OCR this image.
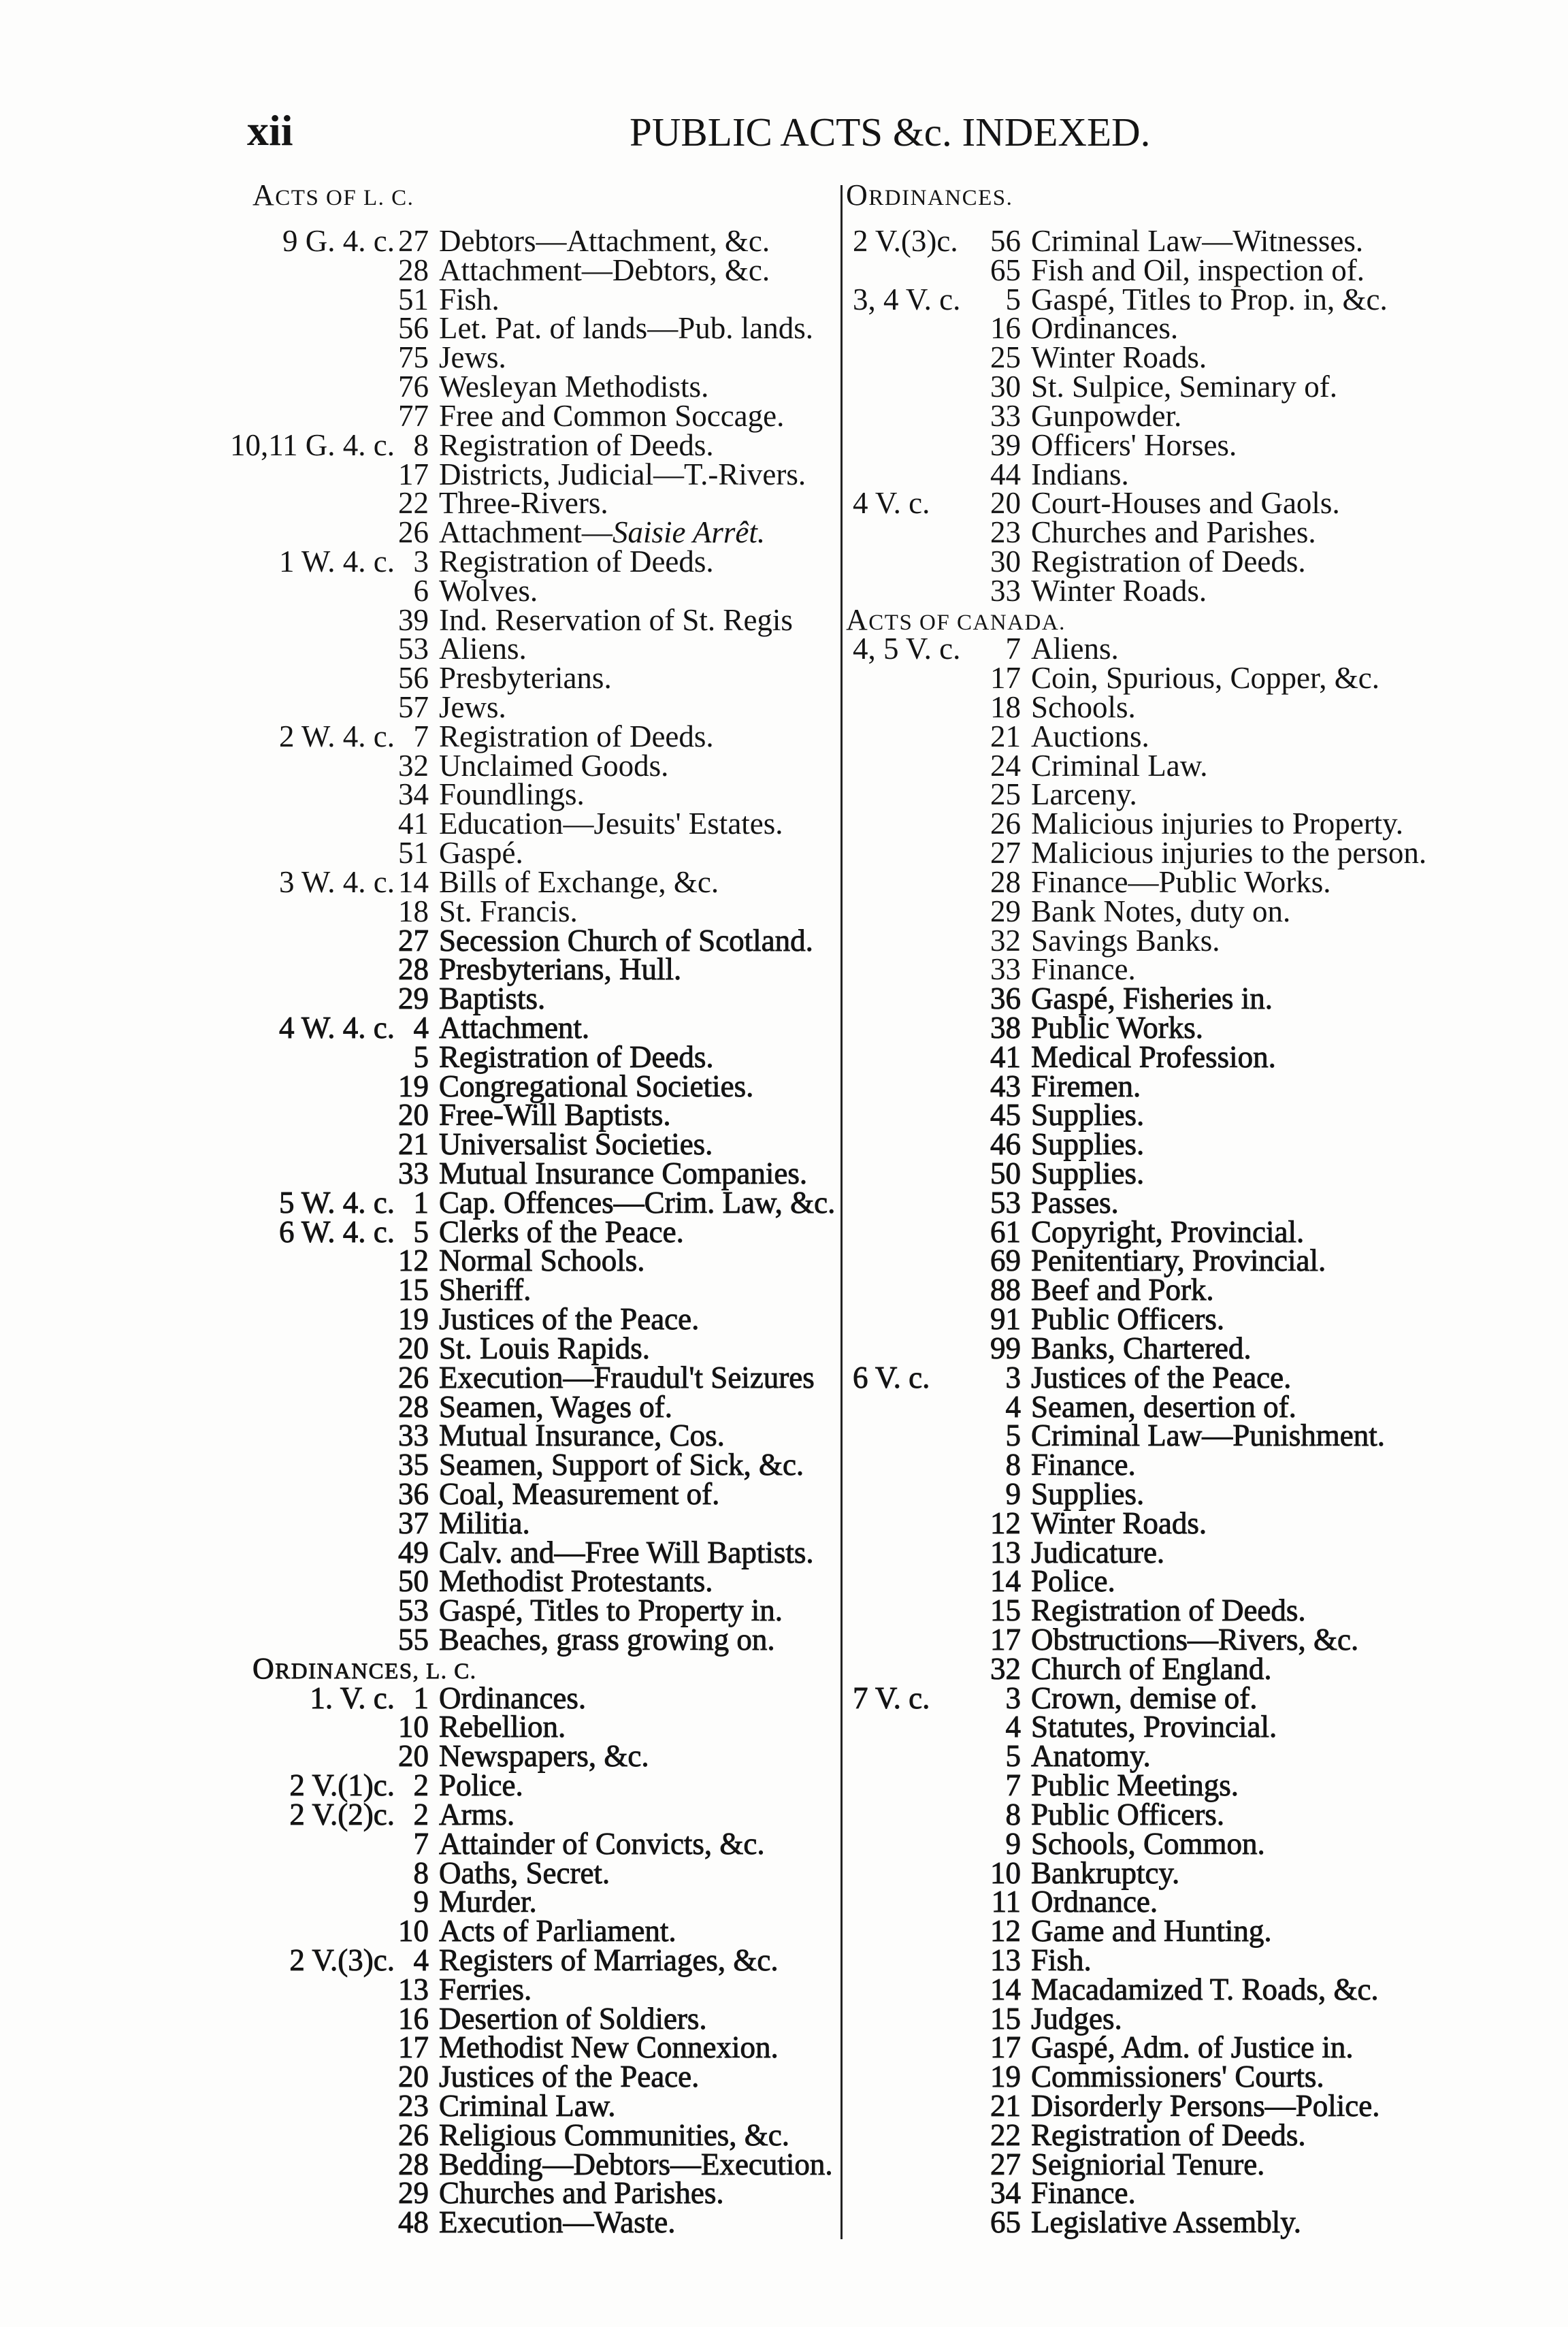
xii	PUBLIC ACTS &c. INDEXED.
ACTS OF L. C.
9 G. 4. c. 27 Debtors—Attachment, &c.
28 Attachment—Debtors, &c.
51 Fish.
56 Let. Pat. of lands—Pub. lands.
75 Jews.
76 Wesleyan Methodists.
77 Free and Common Soccage.
10,11 G. 4. c. 8 Registration of Deeds.
17 Districts, Judicial—T.-Rivers.
22 Three-Rivers.
26 Attachment—Saisie Arrêt.
1 W. 4. c. 3 Registration of Deeds.
6 Wolves.
39 Ind. Reservation of St. Regis
53 Aliens.
56 Presbyterians.
57 Jews.
2 W. 4. c. 7 Registration of Deeds.
32 Unclaimed Goods.
34 Foundlings.
41 Education—Jesuits' Estates.
51 Gaspé.
3 W. 4. c. 14 Bills of Exchange, &c.
18 St. Francis.
27 Secession Church of Scotland.
28 Presbyterians, Hull.
29 Baptists.
4 W. 4. c. 4 Attachment.
5 Registration of Deeds.
19 Congregational Societies.
20 Free-Will Baptists.
21 Universalist Societies.
33 Mutual Insurance Companies.
5 W. 4. c. 1 Cap. Offences—Crim. Law, &c.
6 W. 4. c. 5 Clerks of the Peace.
12 Normal Schools.
15 Sheriff.
19 Justices of the Peace.
20 St. Louis Rapids.
26 Execution—Fraudul't Seizures
28 Seamen, Wages of.
33 Mutual Insurance, Cos.
35 Seamen, Support of Sick, &c.
36 Coal, Measurement of.
37 Militia.
49 Calv. and—Free Will Baptists.
50 Methodist Protestants.
53 Gaspé, Titles to Property in.
55 Beaches, grass growing on.
ORDINANCES, L. C.
1. V. c. 1 Ordinances.
10 Rebellion.
20 Newspapers, &c.
2 V.(1)c. 2 Police.
2 V.(2)c. 2 Arms.
7 Attainder of Convicts, &c.
8 Oaths, Secret.
9 Murder.
10 Acts of Parliament.
2 V.(3)c. 4 Registers of Marriages, &c.
13 Ferries.
16 Desertion of Soldiers.
17 Methodist New Connexion.
20 Justices of the Peace.
23 Criminal Law.
26 Religious Communities, &c.
28 Bedding—Debtors—Execution.
29 Churches and Parishes.
48 Execution—Waste.
ORDINANCES.
2 V.(3)c.	56 Criminal Law—Witnesses.
65 Fish and Oil, inspection of.
3, 4 V. c.	5 Gaspé, Titles to Prop. in, &c.
16 Ordinances.
25 Winter Roads.
30 St. Sulpice, Seminary of.
33 Gunpowder.
39 Officers' Horses.
44 Indians.
4 V. c.	20 Court-Houses and Gaols.
23 Churches and Parishes.
30 Registration of Deeds.
33 Winter Roads.
ACTS OF CANADA.
4, 5 V. c.	7 Aliens.
17 Coin, Spurious, Copper, &c.
18 Schools.
21 Auctions.
24 Criminal Law.
25 Larceny.
26 Malicious injuries to Property.
27 Malicious injuries to the person.
28 Finance—Public Works.
29 Bank Notes, duty on.
32 Savings Banks.
33 Finance.
36 Gaspé, Fisheries in.
38 Public Works.
41 Medical Profession.
43 Firemen.
45 Supplies.
46 Supplies.
50 Supplies.
53 Passes.
61 Copyright, Provincial.
69 Penitentiary, Provincial.
88 Beef and Pork.
91 Public Officers.
99 Banks, Chartered.
6 V. c.	3 Justices of the Peace.
4 Seamen, desertion of.
5 Criminal Law—Punishment.
8 Finance.
9 Supplies.
12 Winter Roads.
13 Judicature.
14 Police.
15 Registration of Deeds.
17 Obstructions—Rivers, &c.
32 Church of England.
7 V. c.	3 Crown, demise of.
4 Statutes, Provincial.
5 Anatomy.
7 Public Meetings.
8 Public Officers.
9 Schools, Common.
10 Bankruptcy.
11 Ordnance.
12 Game and Hunting.
13 Fish.
14 Macadamized T. Roads, &c.
15 Judges.
17 Gaspé, Adm. of Justice in.
19 Commissioners' Courts.
21 Disorderly Persons—Police.
22 Registration of Deeds.
27 Seigniorial Tenure.
34 Finance.
65 Legislative Assembly.
